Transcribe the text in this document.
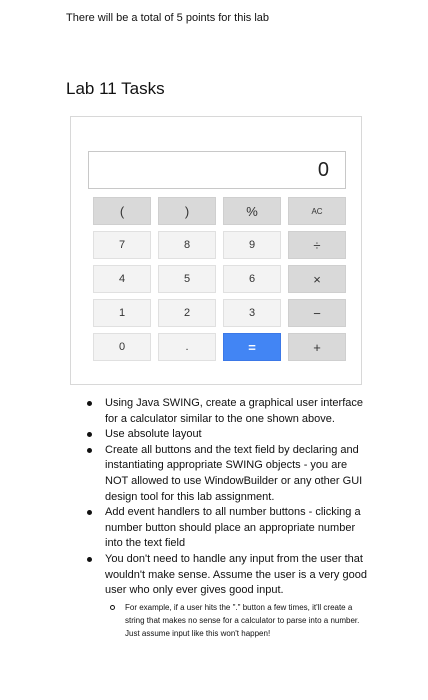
There will be a total of 5 points for this lab
Lab 11 Tasks
0
(	)	%	AC
7	8	9	÷
4	5	6	×
1	2	3	−
0	.	=	+
Using Java SWING, create a graphical user interface for a calculator similar to the one shown above.
Use absolute layout
Create all buttons and the text field by declaring and instantiating appropriate SWING objects - you are NOT allowed to use WindowBuilder or any other GUI design tool for this lab assignment.
Add event handlers to all number buttons - clicking a number button should place an appropriate number into the text field
You don't need to handle any input from the user that wouldn't make sense. Assume the user is a very good user who only ever gives good input.
For example, if a user hits the "." button a few times, it'll create a string that makes no sense for a calculator to parse into a number. Just assume input like this won't happen!
